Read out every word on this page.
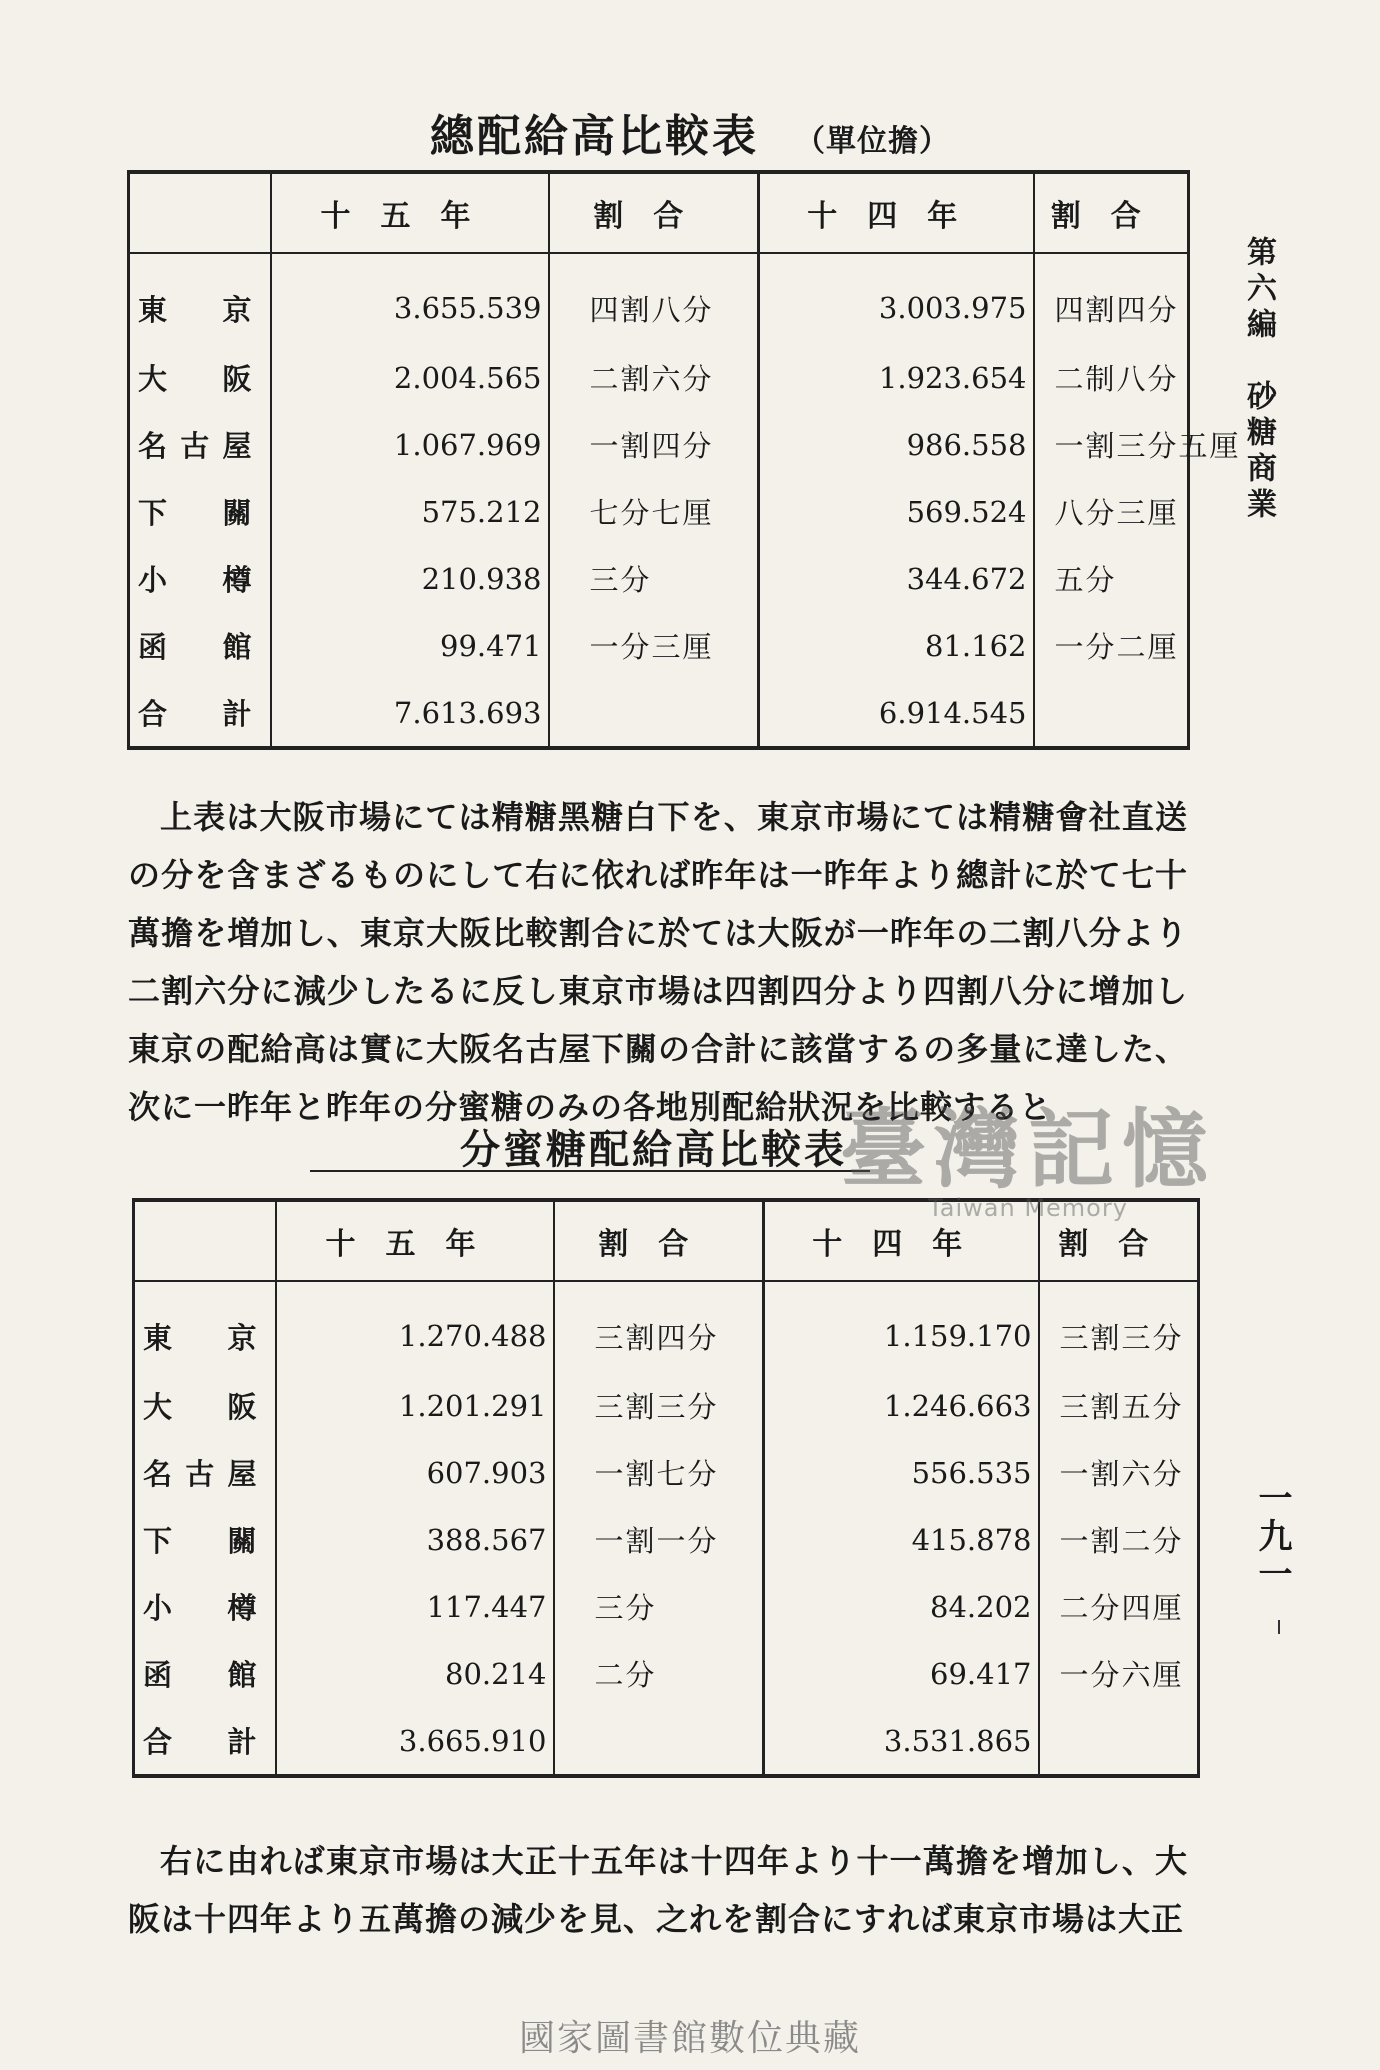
總配給高比較表 （單位擔）
	十五年	割合	十四年	割合

東 京	3.655.539	四割八分	3.003.975	四割四分

大 阪	2.004.565	二割六分	1.923.654	二制八分

名 古 屋	1.067.969	一割四分	986.558	一割三分五厘

下 關	575.212	七分七厘	569.524	八分三厘

小 樽	210.938	三分	344.672	五分

函 館	99.471	一分三厘	81.162	一分二厘

合 計	7.613.693		6.914.545	

上表は大阪市場にては精糖黑糖白下を、東京市場にては精糖會社直送の分を含まざるものにして右に依れば昨年は一昨年より總計に於て七十萬擔を増加し、東京大阪比較割合に於ては大阪が一昨年の二割八分より二割六分に減少したるに反し東京市場は四割四分より四割八分に增加し東京の配給高は實に大阪名古屋下關の合計に該當するの多量に達した、次に一昨年と昨年の分蜜糖のみの各地別配給狀況を比較すると

分蜜糖配給高比較表
	十五年	割合	十四年	割合

東 京	1.270.488	三割四分	1.159.170	三割三分

大 阪	1.201.291	三割三分	1.246.663	三割五分

名 古 屋	607.903	一割七分	556.535	一割六分

下 關	388.567	一割一分	415.878	一割二分

小 樽	117.447	三分	84.202	二分四厘

函 館	80.214	二分	69.417	一分六厘

合 計	3.665.910		3.531.865	

右に由れば東京市場は大正十五年は十四年より十一萬擔を增加し、大阪は十四年より五萬擔の減少を見、之れを割合にすれば東京市場は大正

第六編　砂糖商業
一九一
臺灣記憶
Taiwan Memory
國家圖書館數位典藏
